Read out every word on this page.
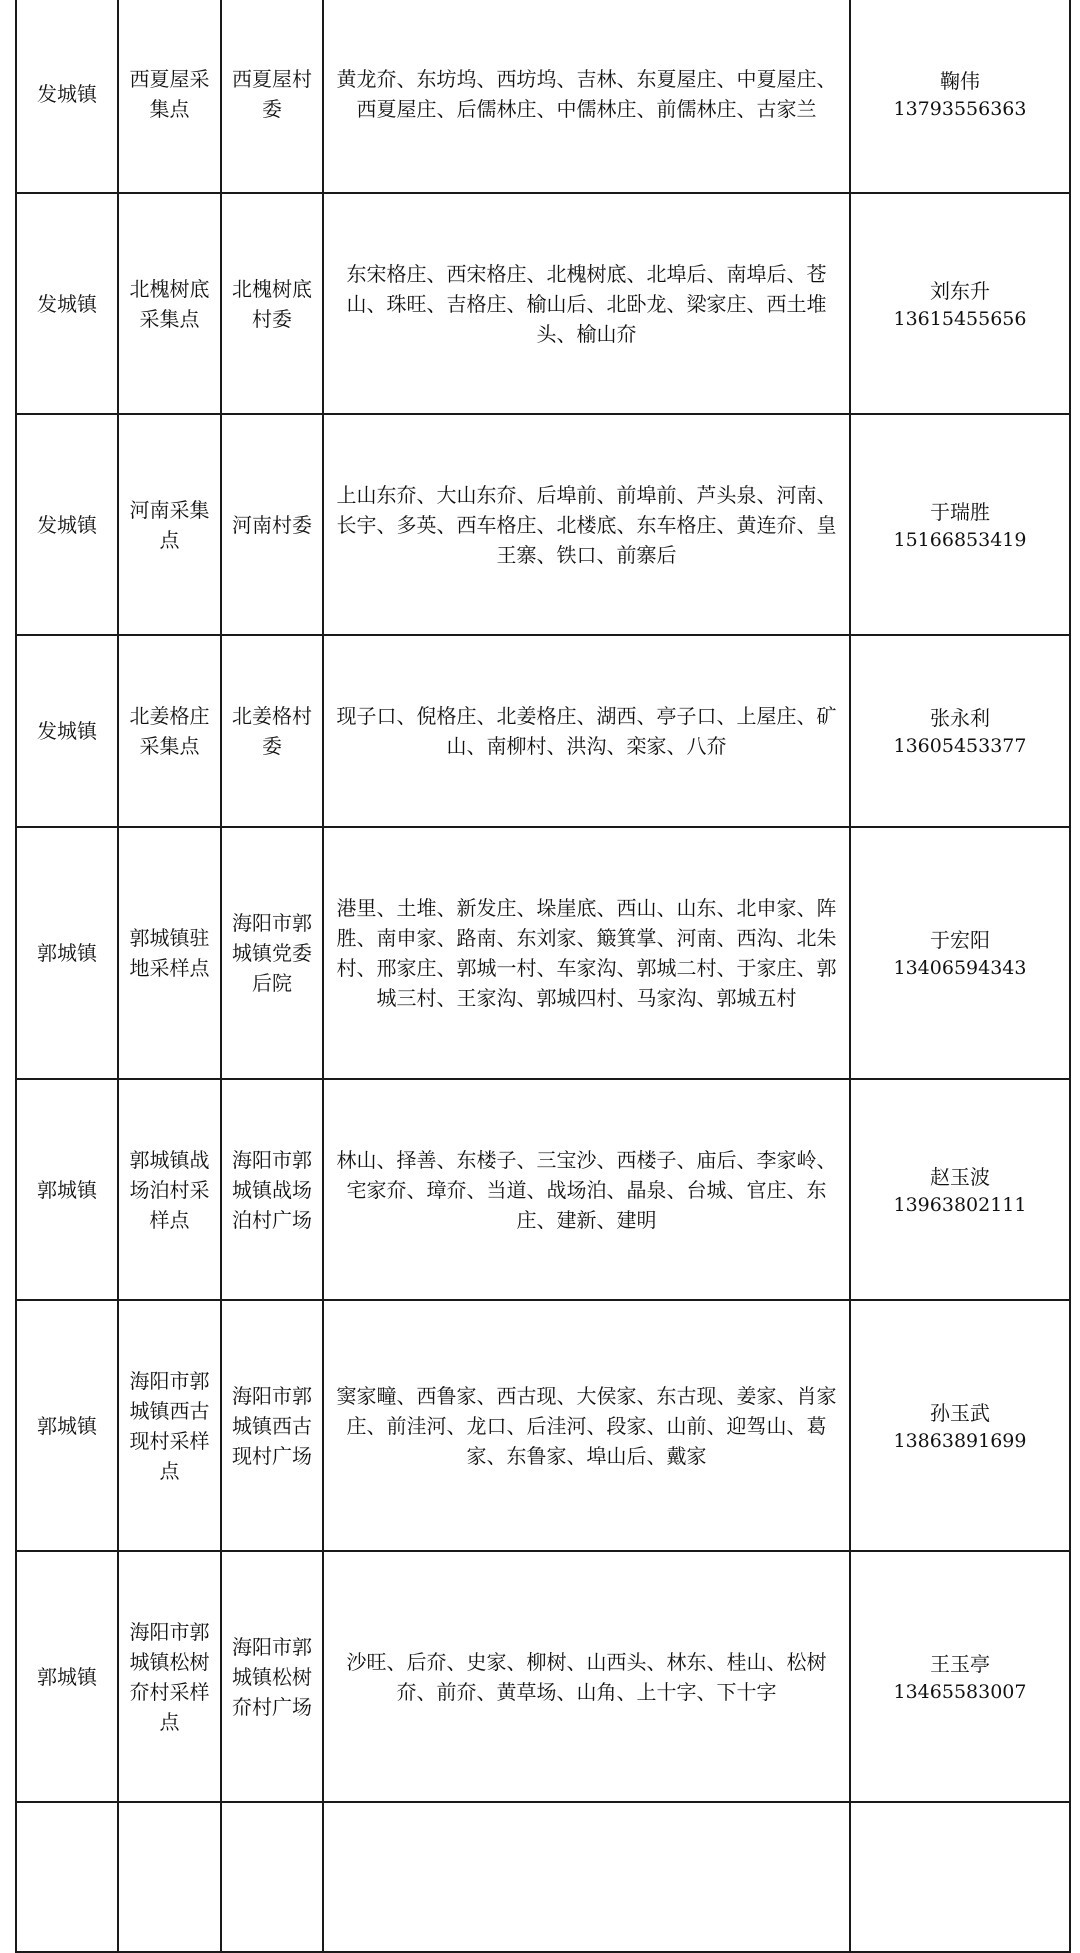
发城镇	西夏屋采集点	西夏屋村委	黄龙夼、东坊坞、西坊坞、吉林、东夏屋庄、中夏屋庄、西夏屋庄、后儒林庄、中儒林庄、前儒林庄、古家兰	鞠伟
13793556363

发城镇	北槐树底采集点	北槐树底村委	东宋格庄、西宋格庄、北槐树底、北埠后、南埠后、苍山、珠旺、吉格庄、榆山后、北卧龙、梁家庄、西土堆头、榆山夼	刘东升
13615455656

发城镇	河南采集点	河南村委	上山东夼、大山东夼、后埠前、前埠前、芦头泉、河南、长宇、多英、西车格庄、北楼底、东车格庄、黄连夼、皇王寨、铁口、前寨后	于瑞胜
15166853419

发城镇	北姜格庄采集点	北姜格村委	现子口、倪格庄、北姜格庄、湖西、亭子口、上屋庄、矿山、南柳村、洪沟、栾家、八夼	张永利
13605453377

郭城镇	郭城镇驻地采样点	海阳市郭城镇党委后院	港里、土堆、新发庄、垛崖底、西山、山东、北申家、阵胜、南申家、路南、东刘家、簸箕掌、河南、西沟、北朱村、邢家庄、郭城一村、车家沟、郭城二村、于家庄、郭城三村、王家沟、郭城四村、马家沟、郭城五村	于宏阳
13406594343

郭城镇	郭城镇战场泊村采样点	海阳市郭城镇战场泊村广场	林山、择善、东楼子、三宝沙、西楼子、庙后、李家岭、宅家夼、璋夼、当道、战场泊、晶泉、台城、官庄、东庄、建新、建明	赵玉波
13963802111

郭城镇	海阳市郭城镇西古现村采样点	海阳市郭城镇西古现村广场	窦家疃、西鲁家、西古现、大侯家、东古现、姜家、肖家庄、前洼河、龙口、后洼河、段家、山前、迎驾山、葛家、东鲁家、埠山后、戴家	孙玉武
13863891699

郭城镇	海阳市郭城镇松树夼村采样点	海阳市郭城镇松树夼村广场	沙旺、后夼、史家、柳树、山西头、林东、桂山、松树夼、前夼、黄草场、山角、上十字、下十字	王玉亭
13465583007
